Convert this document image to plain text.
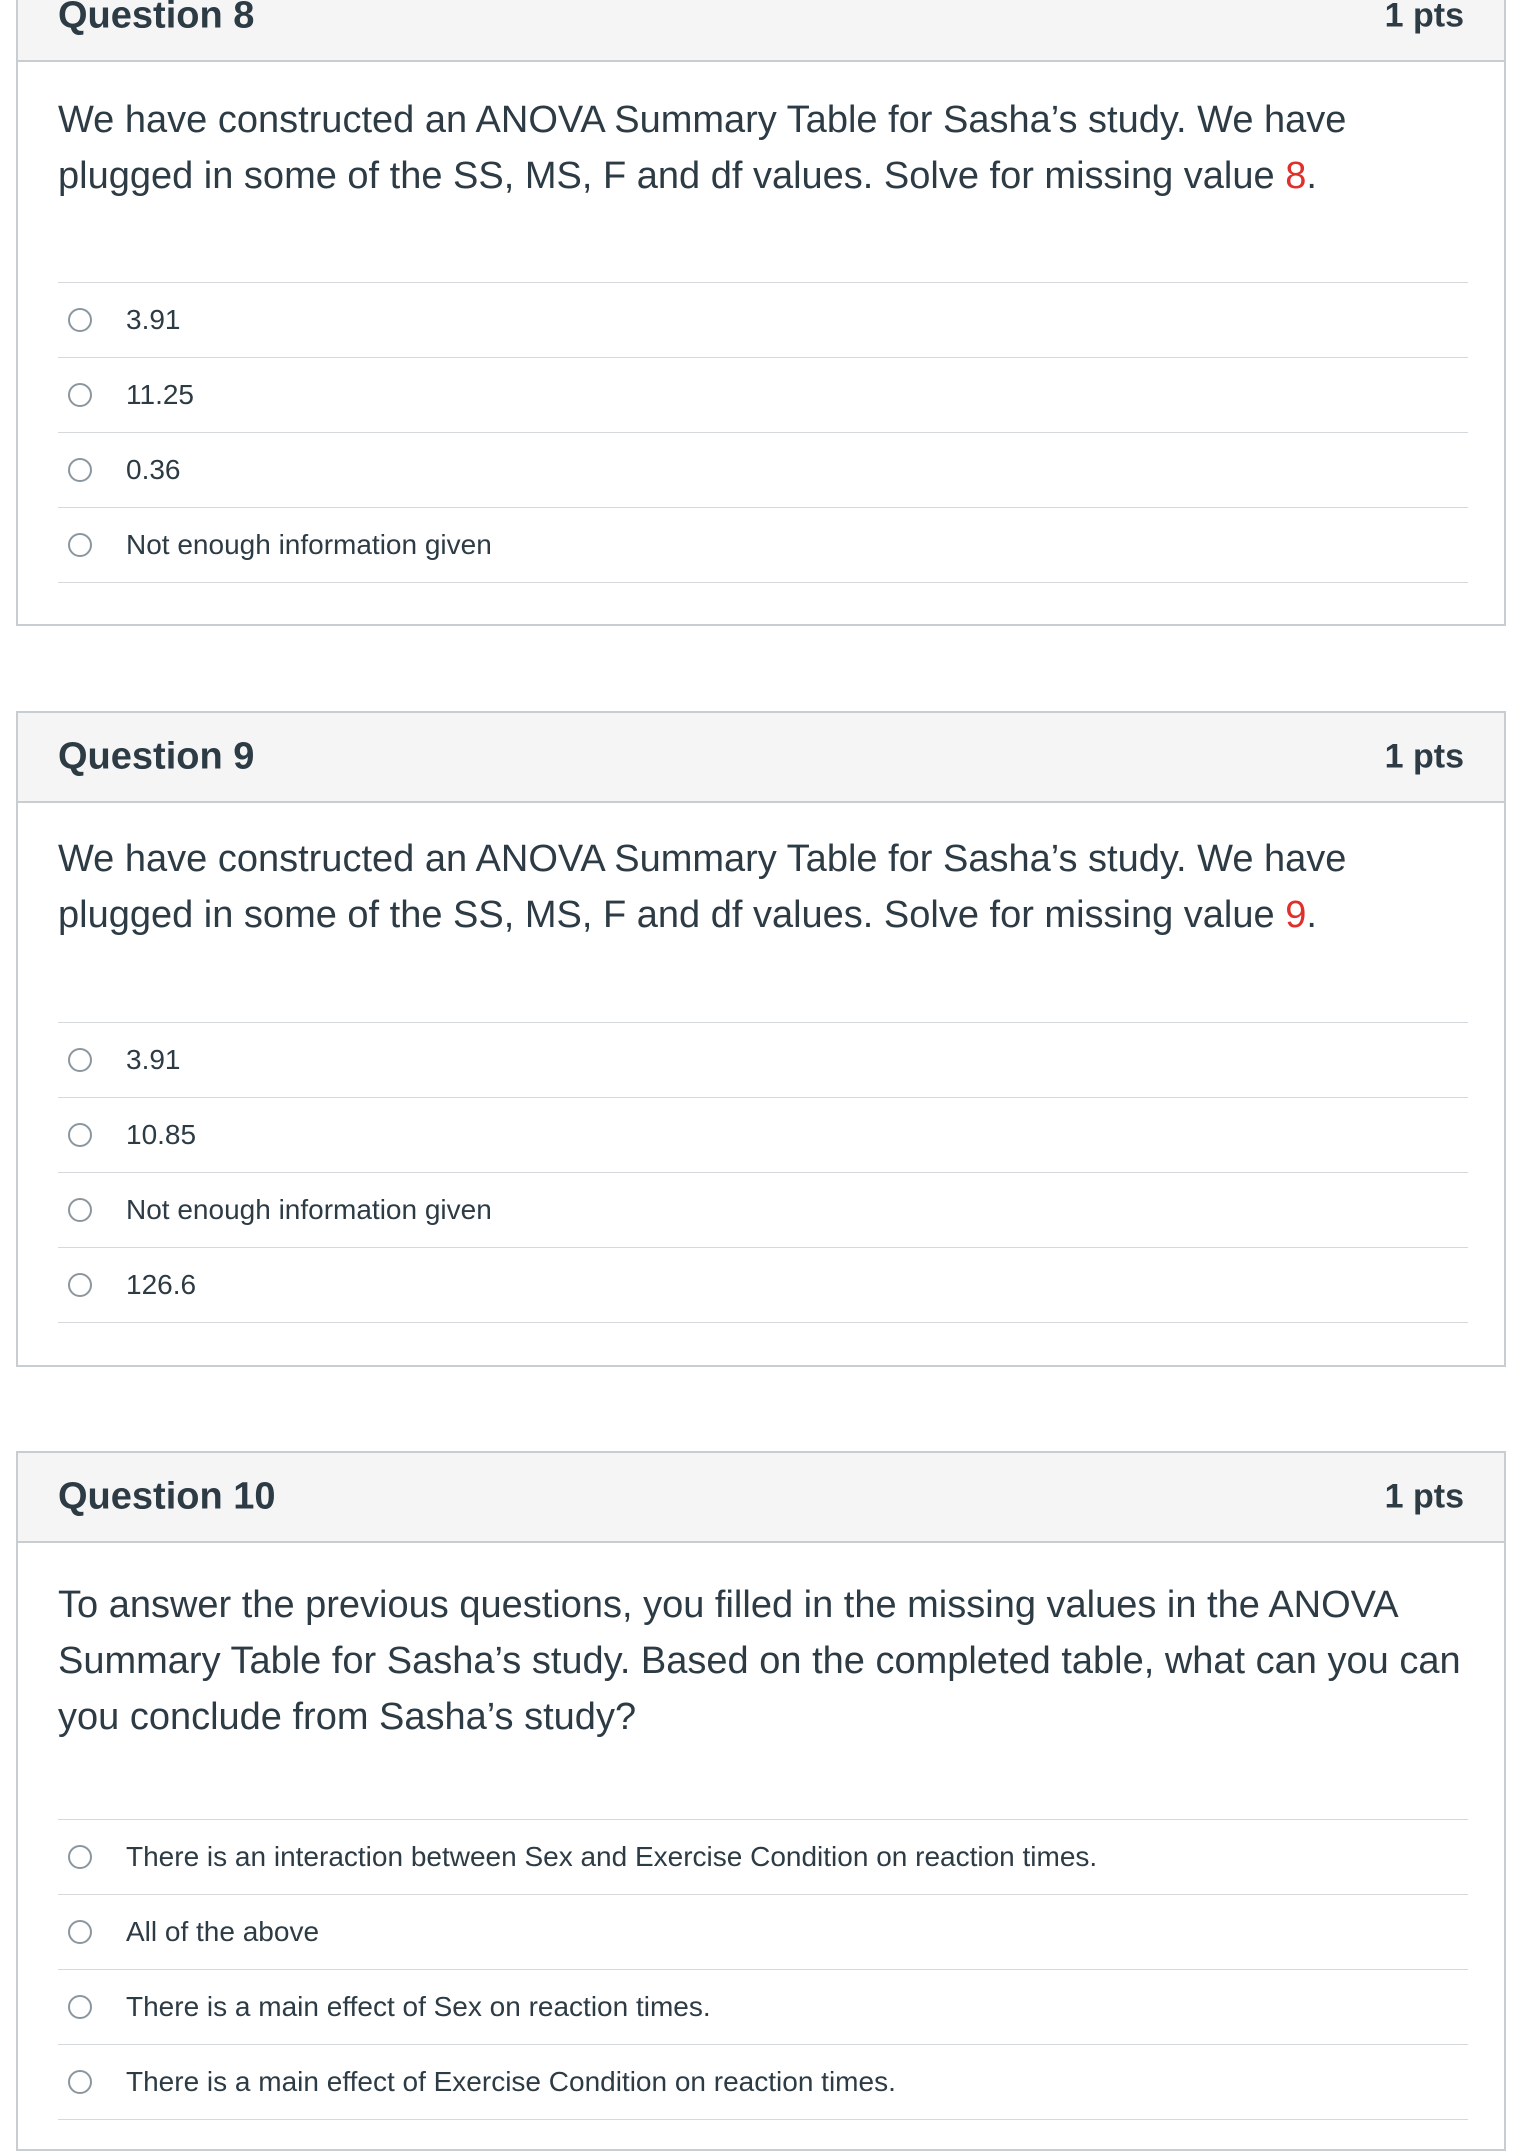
Question 8	1 pts
We have constructed an ANOVA Summary Table for Sasha’s study. We have plugged in some of the SS, MS, F and df values. Solve for missing value 8.
3.91
11.25
0.36
Not enough information given
Question 9	1 pts
We have constructed an ANOVA Summary Table for Sasha’s study. We have plugged in some of the SS, MS, F and df values. Solve for missing value 9.
3.91
10.85
Not enough information given
126.6
Question 10	1 pts
To answer the previous questions, you filled in the missing values in the ANOVA Summary Table for Sasha’s study. Based on the completed table, what can you can you conclude from Sasha’s study?
There is an interaction between Sex and Exercise Condition on reaction times.
All of the above
There is a main effect of Sex on reaction times.
There is a main effect of Exercise Condition on reaction times.
